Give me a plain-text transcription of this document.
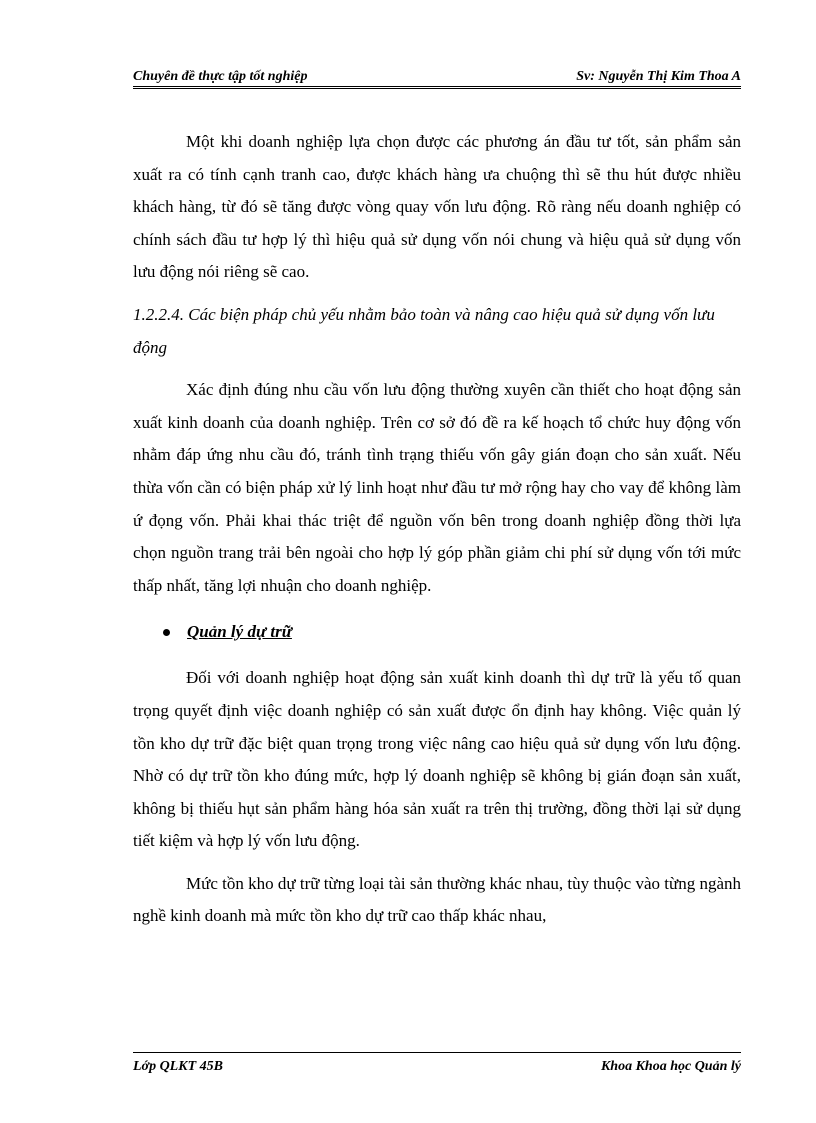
Chuyên đề thực tập tốt nghiệp	Sv: Nguyễn Thị Kim Thoa A

Một khi doanh nghiệp lựa chọn được các phương án đầu tư tốt, sản phẩm sản xuất ra có tính cạnh tranh cao, được khách hàng ưa chuộng thì sẽ thu hút được nhiều khách hàng, từ đó sẽ tăng được vòng quay vốn lưu động. Rõ ràng nếu doanh nghiệp có chính sách đầu tư hợp lý thì hiệu quả sử dụng vốn nói chung và hiệu quả sử dụng vốn lưu động nói riêng sẽ cao.

1.2.2.4. Các biện pháp chủ yếu nhằm bảo toàn và nâng cao hiệu quả sử dụng vốn lưu động

Xác định đúng nhu cầu vốn lưu động thường xuyên cần thiết cho hoạt động sản xuất kinh doanh của doanh nghiệp. Trên cơ sở đó đề ra kế hoạch tổ chức huy động vốn nhằm đáp ứng nhu cầu đó, tránh tình trạng thiếu vốn gây gián đoạn cho sản xuất. Nếu thừa vốn cần có biện pháp xử lý linh hoạt như đầu tư mở rộng hay cho vay để không làm ứ đọng vốn. Phải khai thác triệt để nguồn vốn bên trong doanh nghiệp đồng thời lựa chọn nguồn trang trải bên ngoài cho hợp lý góp phần giảm chi phí sử dụng vốn tới mức thấp nhất, tăng lợi nhuận cho doanh nghiệp.

Quản lý dự trữ

Đối với doanh nghiệp hoạt động sản xuất kinh doanh thì dự trữ là yếu tố quan trọng quyết định việc doanh nghiệp có sản xuất được ổn định hay không. Việc quản lý tồn kho dự trữ đặc biệt quan trọng trong việc nâng cao hiệu quả sử dụng vốn lưu động. Nhờ có dự trữ tồn kho đúng mức, hợp lý doanh nghiệp sẽ không bị gián đoạn sản xuất, không bị thiếu hụt sản phẩm hàng hóa sản xuất ra trên thị trường, đồng thời lại sử dụng tiết kiệm và hợp lý vốn lưu động.

Mức tồn kho dự trữ từng loại tài sản thường khác nhau, tùy thuộc vào từng ngành nghề kinh doanh mà mức tồn kho dự trữ cao thấp khác nhau,

Lớp QLKT 45B	Khoa Khoa học Quản lý
